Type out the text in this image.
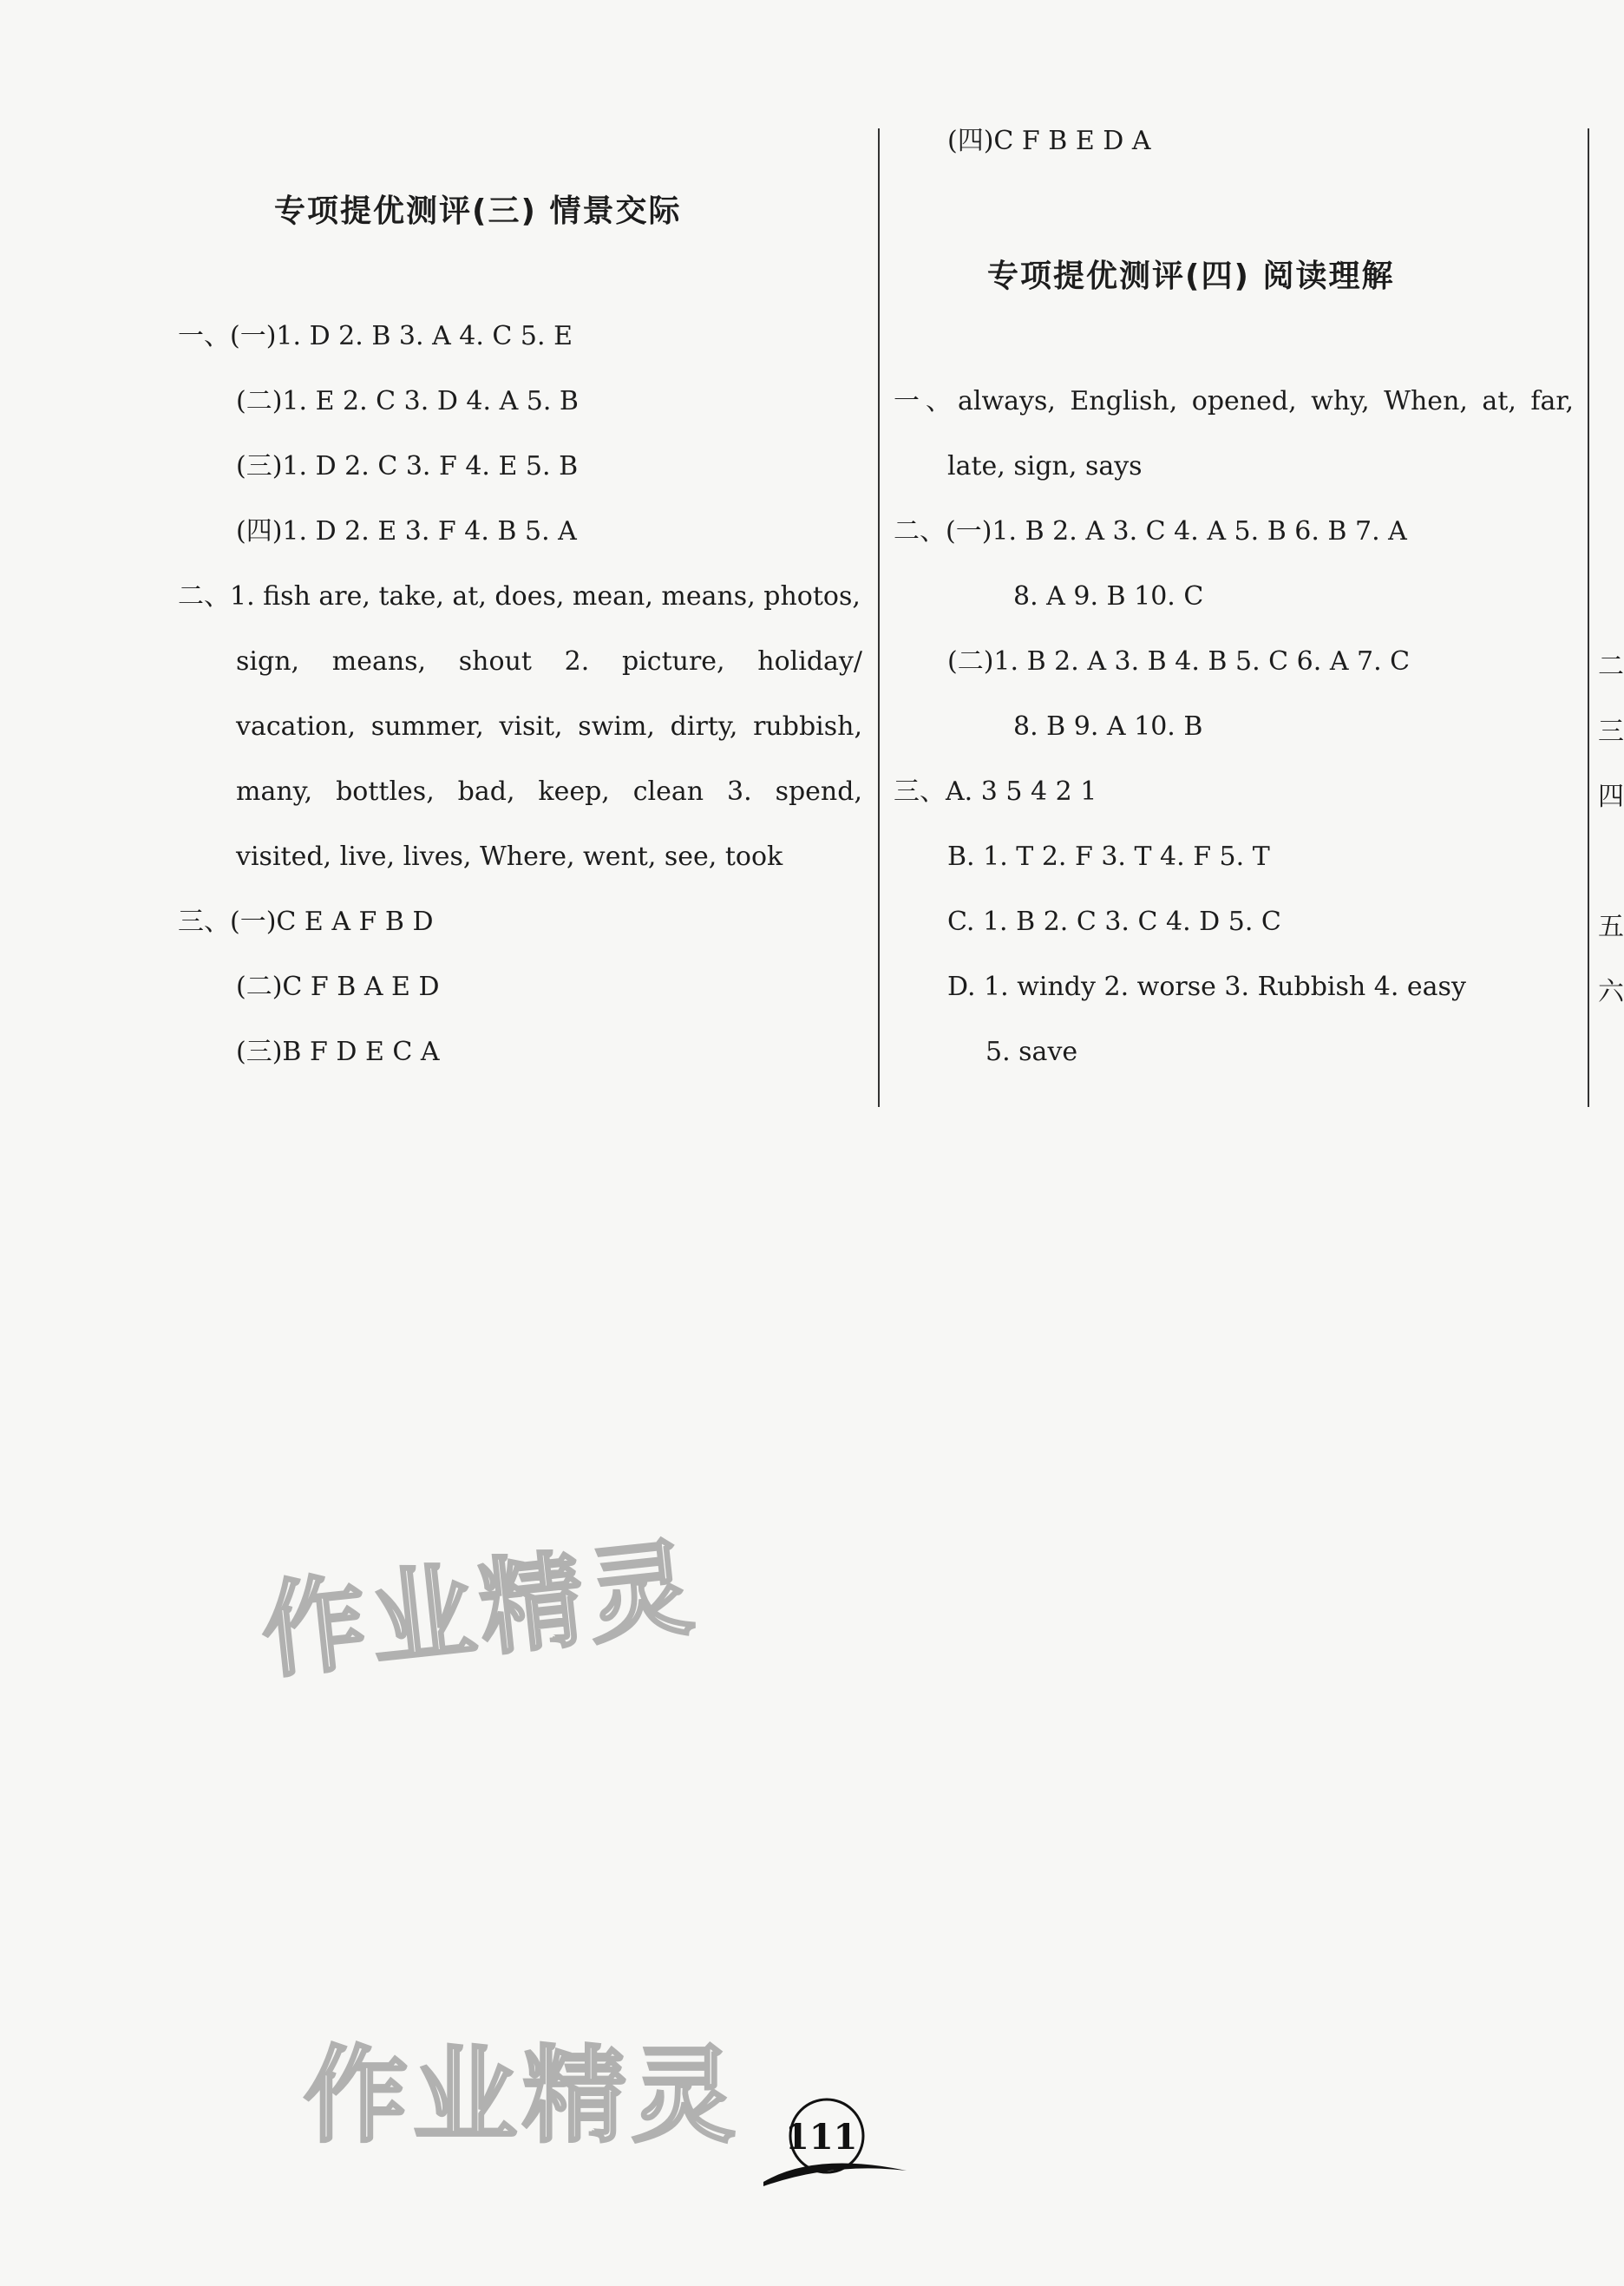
专项提优测评(三) 情景交际
一、(一)1. D 2. B 3. A 4. C 5. E
(二)1. E 2. C 3. D 4. A 5. B
(三)1. D 2. C 3. F 4. E 5. B
(四)1. D 2. E 3. F 4. B 5. A
二、1. fish are, take, at, does, mean, means, photos,
sign, means, shout 2. picture, holiday/
vacation, summer, visit, swim, dirty, rubbish,
many, bottles, bad, keep, clean 3. spend,
visited, live, lives, Where, went, see, took
三、(一)C E A F B D
(二)C F B A E D
(三)B F D E C A
(四)C F B E D A
专项提优测评(四) 阅读理解
一、always, English, opened, why, When, at, far,
late, sign, says
二、(一)1. B 2. A 3. C 4. A 5. B 6. B 7. A
8. A 9. B 10. C
(二)1. B 2. A 3. B 4. B 5. C 6. A 7. C
8. B 9. A 10. B
三、A. 3 5 4 2 1
B. 1. T 2. F 3. T 4. F 5. T
C. 1. B 2. C 3. C 4. D 5. C
D. 1. windy 2. worse 3. Rubbish 4. easy
5. save
二
三
四
五
六
作业精灵
作业精灵 111
